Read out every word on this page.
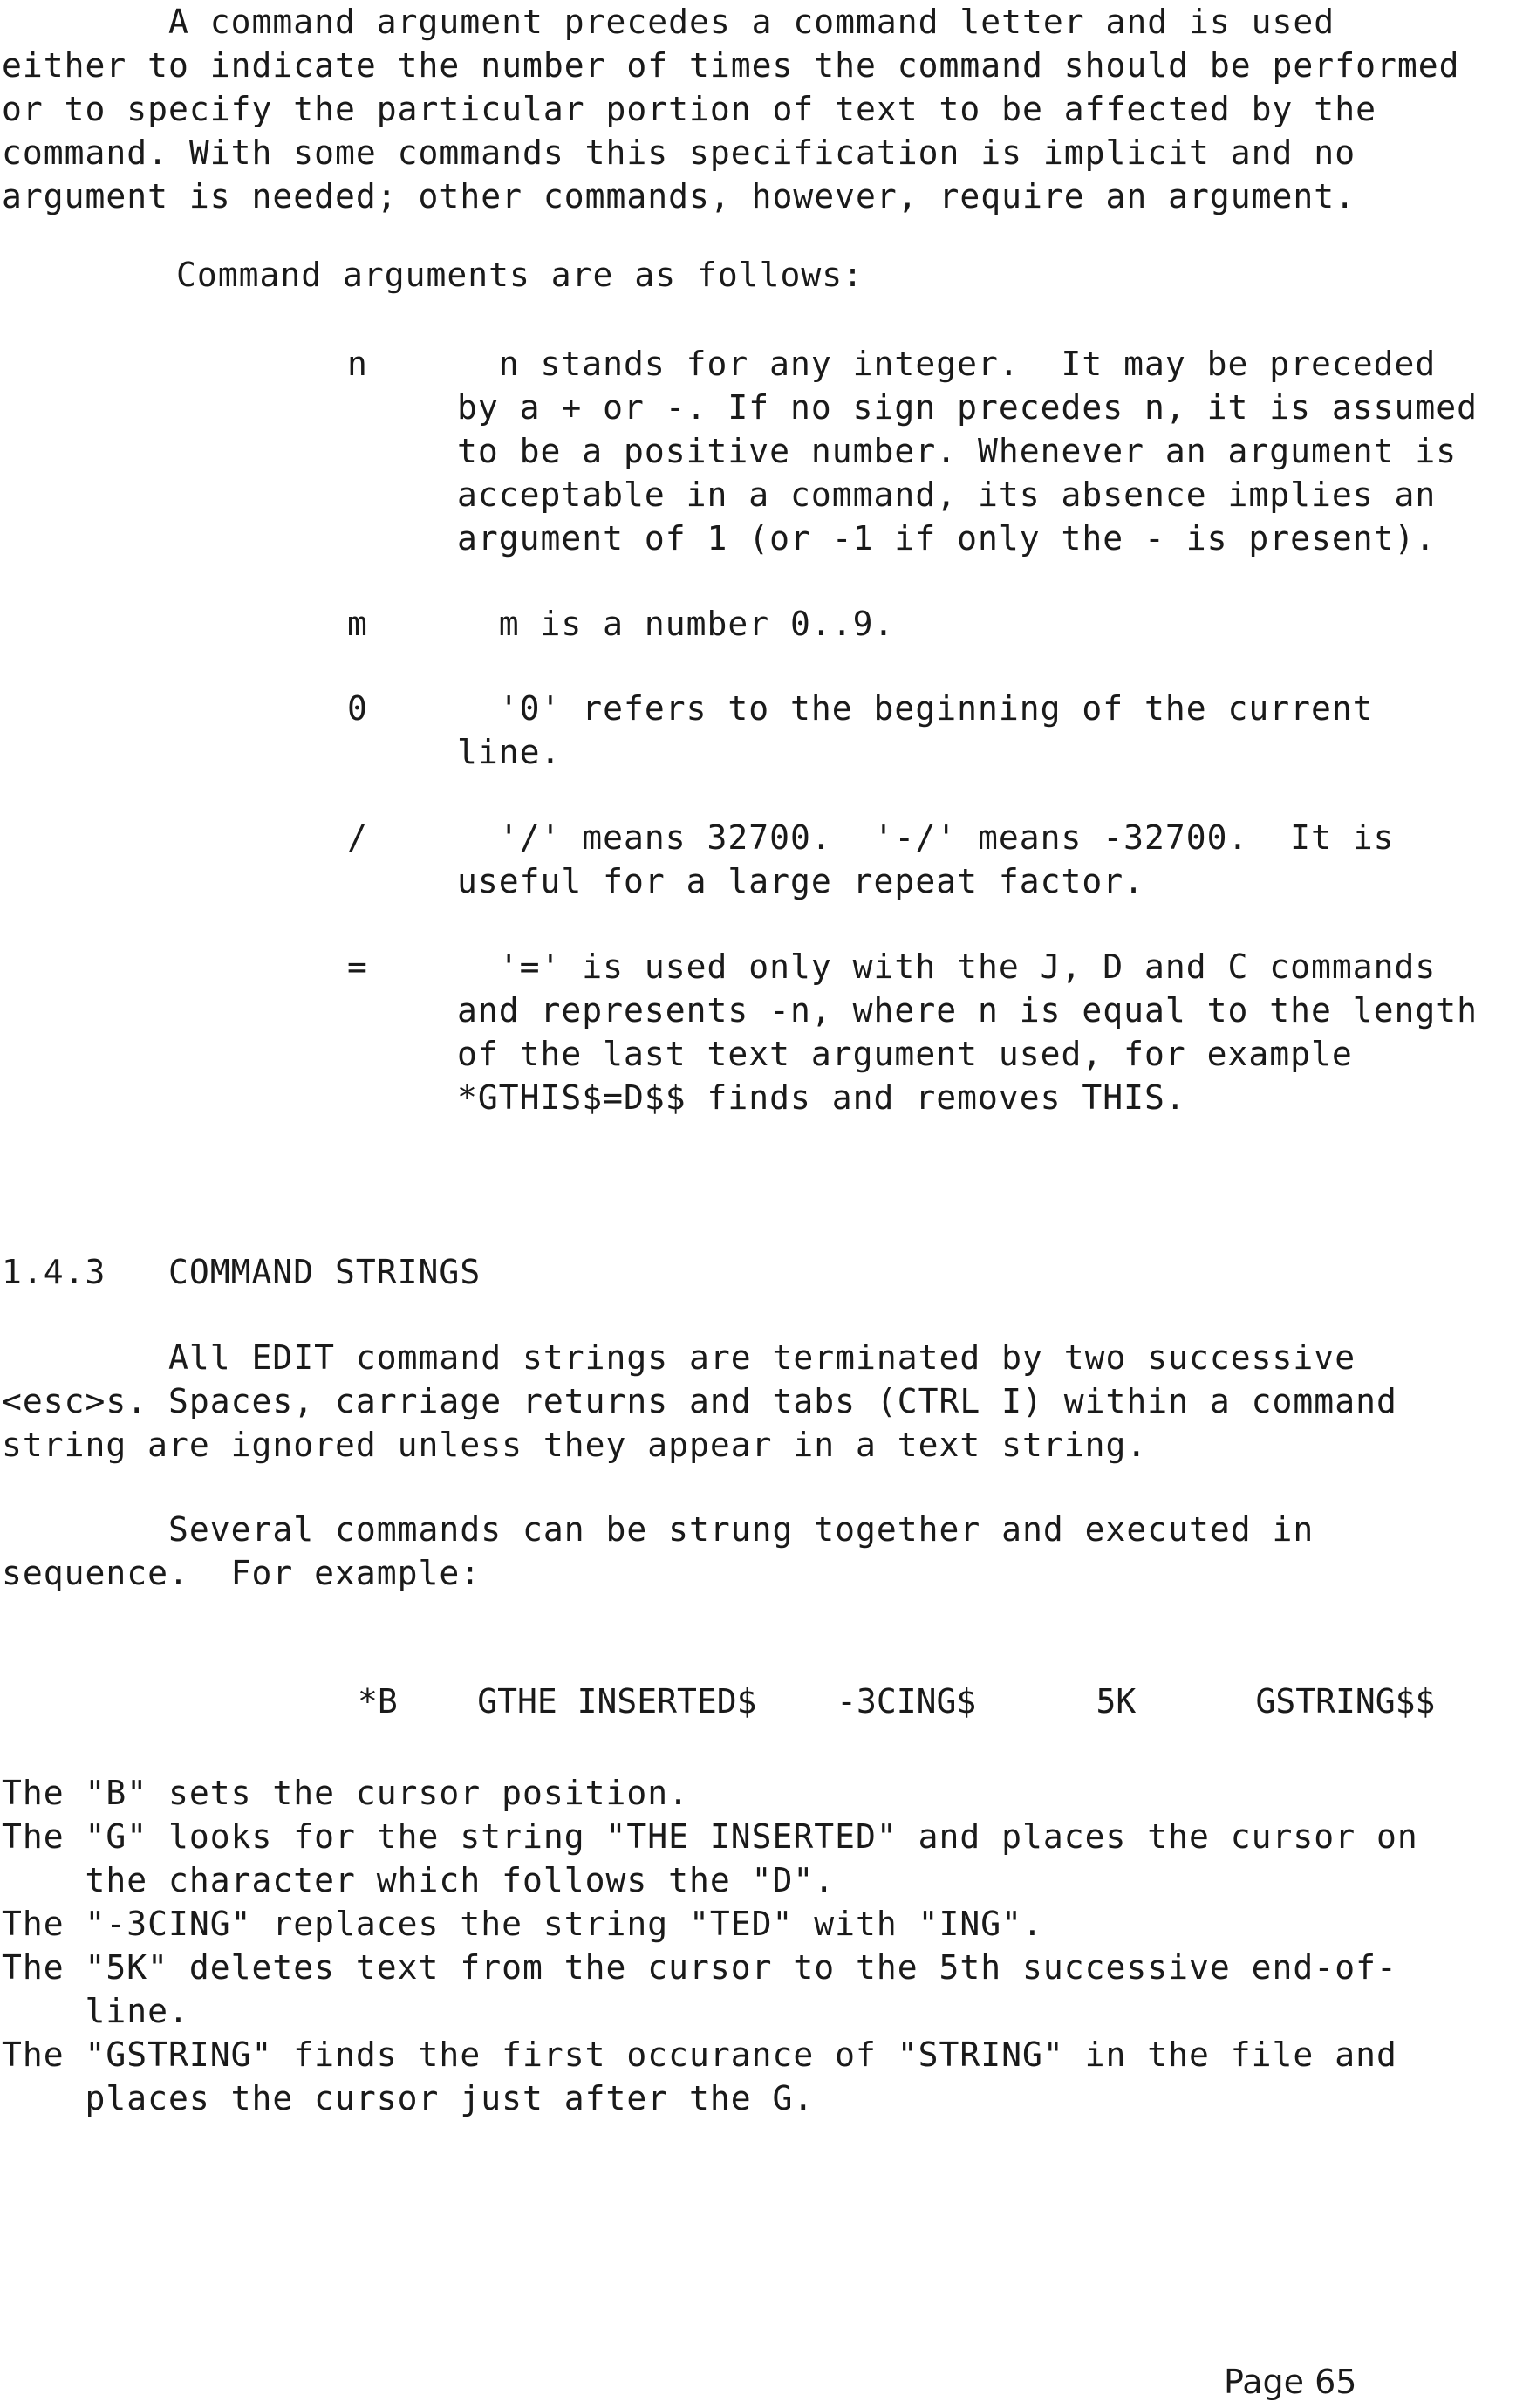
A command argument precedes a command letter and is used
either to indicate the number of times the command should be performed
or to specify the particular portion of text to be affected by the
command. With some commands this specification is implicit and no
argument is needed; other commands, however, require an argument.
Command arguments are as follows:
n	n stands for any integer.  It may be preceded
by a + or -. If no sign precedes n, it is assumed
to be a positive number. Whenever an argument is
acceptable in a command, its absence implies an
argument of 1 (or -1 if only the - is present).
m	m is a number 0..9.
0	'0' refers to the beginning of the current
line.
/	'/' means 32700.  '-/' means -32700.  It is
useful for a large repeat factor.
=	'=' is used only with the J, D and C commands
and represents -n, where n is equal to the length
of the last text argument used, for example
*GTHIS$=D$$ finds and removes THIS.
1.4.3   COMMAND STRINGS
All EDIT command strings are terminated by two successive
<esc>s. Spaces, carriage returns and tabs (CTRL I) within a command
string are ignored unless they appear in a text string.
Several commands can be strung together and executed in
sequence.  For example:
*B    GTHE INSERTED$    -3CING$      5K      GSTRING$$
The "B" sets the cursor position.
The "G" looks for the string "THE INSERTED" and places the cursor on
the character which follows the "D".
The "-3CING" replaces the string "TED" with "ING".
The "5K" deletes text from the cursor to the 5th successive end-of-
line.
The "GSTRING" finds the first occurance of "STRING" in the file and
places the cursor just after the G.
Page 65
